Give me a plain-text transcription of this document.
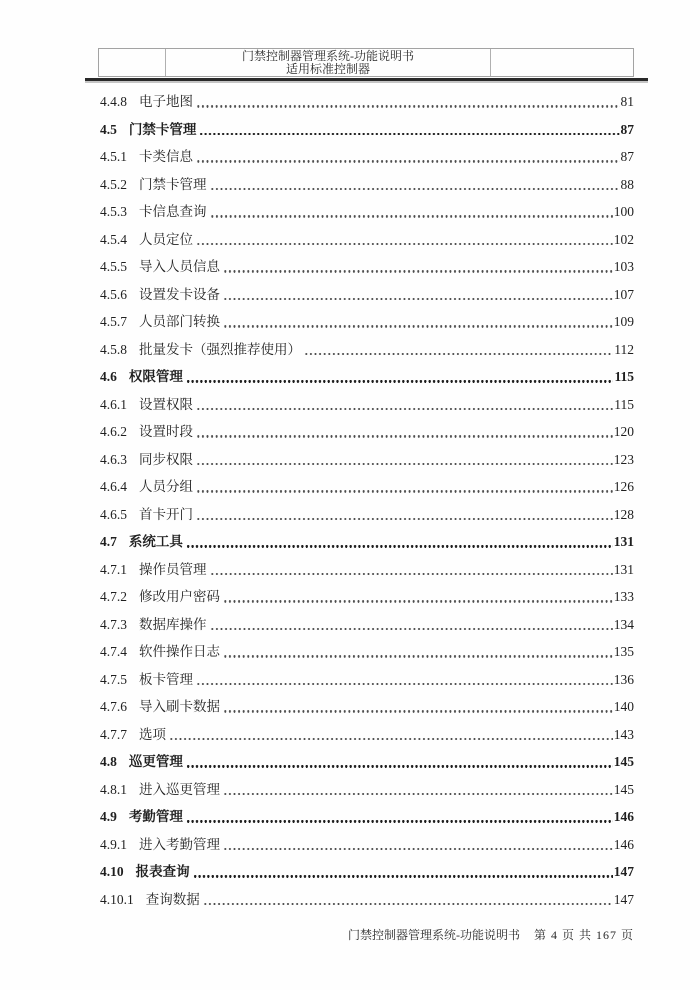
门禁控制器管理系统-功能说明书
适用标准控制器
4.4.8 电子地图	81
4.5 门禁卡管理	87
4.5.1 卡类信息	87
4.5.2 门禁卡管理	88
4.5.3 卡信息查询	100
4.5.4 人员定位	102
4.5.5 导入人员信息	103
4.5.6 设置发卡设备	107
4.5.7 人员部门转换	109
4.5.8 批量发卡（强烈推荐使用）	112
4.6 权限管理	115
4.6.1 设置权限	115
4.6.2 设置时段	120
4.6.3 同步权限	123
4.6.4 人员分组	126
4.6.5 首卡开门	128
4.7 系统工具	131
4.7.1 操作员管理	131
4.7.2 修改用户密码	133
4.7.3 数据库操作	134
4.7.4 软件操作日志	135
4.7.5 板卡管理	136
4.7.6 导入刷卡数据	140
4.7.7 选项	143
4.8 巡更管理	145
4.8.1 进入巡更管理	145
4.9 考勤管理	146
4.9.1 进入考勤管理	146
4.10 报表查询	147
4.10.1 查询数据	147
门禁控制器管理系统-功能说明书 第 4 页 共 167 页
